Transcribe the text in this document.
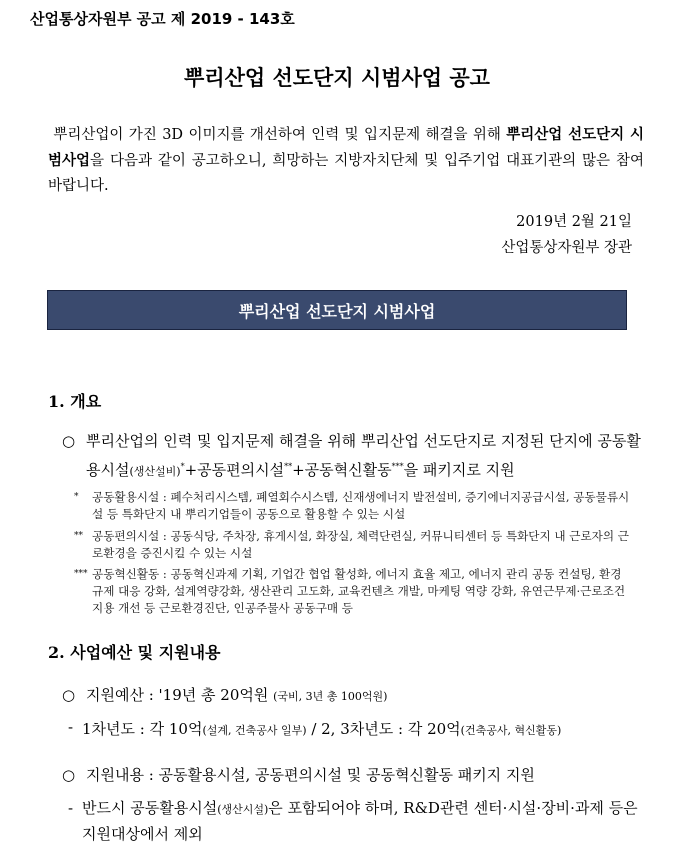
산업통상자원부 공고 제 2019 - 143호
뿌리산업 선도단지 시범사업 공고
뿌리산업이 가진 3D 이미지를 개선하여 인력 및 입지문제 해결을 위해 뿌리산업 선도단지 시범사업을 다음과 같이 공고하오니, 희망하는 지방자치단체 및 입주기업 대표기관의 많은 참여 바랍니다.
2019년 2월 21일
산업통상자원부 장관
뿌리산업 선도단지 시범사업
1. 개요
○ 뿌리산업의 인력 및 입지문제 해결을 위해 뿌리산업 선도단지로 지정된 단지에 공동활용시설(생산설비)*+공동편의시설**+공동혁신활동***을 패키지로 지원
* 공동활용시설 : 폐수처리시스템, 폐열회수시스템, 신재생에너지 발전설비, 증기에너지공급시설, 공동물류시설 등 특화단지 내 뿌리기업들이 공동으로 활용할 수 있는 시설
** 공동편의시설 : 공동식당, 주차장, 휴게시설, 화장실, 체력단련실, 커뮤니티센터 등 특화단지 내 근로자의 근로환경을 증진시킬 수 있는 시설
*** 공동혁신활동 : 공동혁신과제 기획, 기업간 협업 활성화, 에너지 효율 제고, 에너지 관리 공동 컨설팅, 환경규제 대응 강화, 설계역량강화, 생산관리 고도화, 교육컨텐츠 개발, 마케팅 역량 강화, 유연근무제·근로조건 지용 개선 등 근로환경진단, 인공주물사 공동구매 등
2. 사업예산 및 지원내용
○ 지원예산 : '19년 총 20억원 (국비, 3년 총 100억원)
- 1차년도 : 각 10억(설계, 건축공사 일부) / 2, 3차년도 : 각 20억(건축공사, 혁신활동)
○ 지원내용 : 공동활용시설, 공동편의시설 및 공동혁신활동 패키지 지원
- 반드시 공동활용시설(생산시설)은 포함되어야 하며, R&D관련 센터·시설·장비·과제 등은 지원대상에서 제외
